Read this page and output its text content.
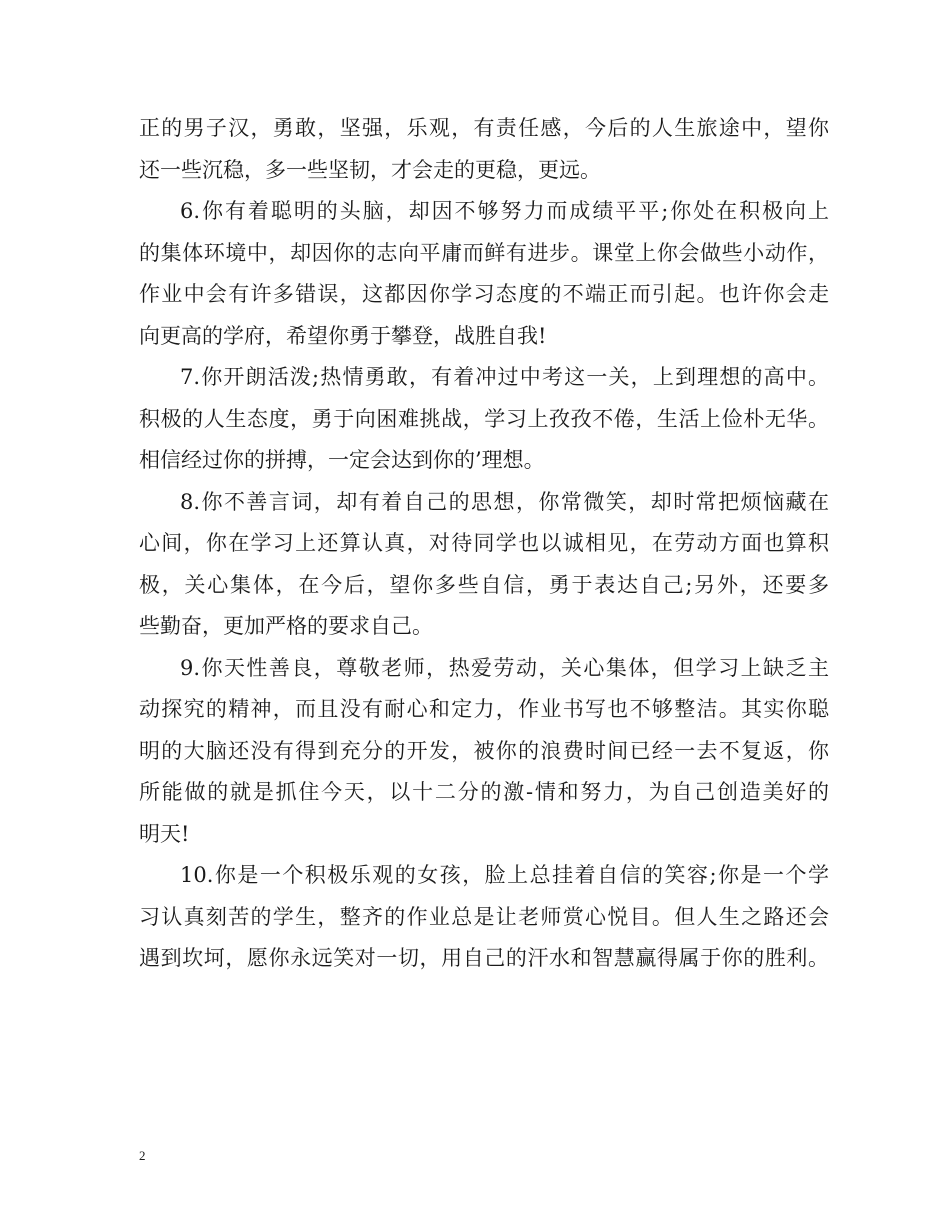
正的男子汉，勇敢，坚强，乐观，有责任感，今后的人生旅途中，望你
还一些沉稳，多一些坚韧，才会走的更稳，更远。
6.你有着聪明的头脑，却因不够努力而成绩平平;你处在积极向上
的集体环境中，却因你的志向平庸而鲜有进步。课堂上你会做些小动作，
作业中会有许多错误，这都因你学习态度的不端正而引起。也许你会走
向更高的学府，希望你勇于攀登，战胜自我!
7.你开朗活泼;热情勇敢，有着冲过中考这一关，上到理想的高中。
积极的人生态度，勇于向困难挑战，学习上孜孜不倦，生活上俭朴无华。
相信经过你的拼搏，一定会达到你的’理想。
8.你不善言词，却有着自己的思想，你常微笑，却时常把烦恼藏在
心间，你在学习上还算认真，对待同学也以诚相见，在劳动方面也算积
极，关心集体，在今后，望你多些自信，勇于表达自己;另外，还要多
些勤奋，更加严格的要求自己。
9.你天性善良，尊敬老师，热爱劳动，关心集体，但学习上缺乏主
动探究的精神，而且没有耐心和定力，作业书写也不够整洁。其实你聪
明的大脑还没有得到充分的开发，被你的浪费时间已经一去不复返，你
所能做的就是抓住今天，以十二分的激-情和努力，为自己创造美好的
明天!
10.你是一个积极乐观的女孩，脸上总挂着自信的笑容;你是一个学
习认真刻苦的学生，整齐的作业总是让老师赏心悦目。但人生之路还会
遇到坎坷，愿你永远笑对一切，用自己的汗水和智慧赢得属于你的胜利。
2
